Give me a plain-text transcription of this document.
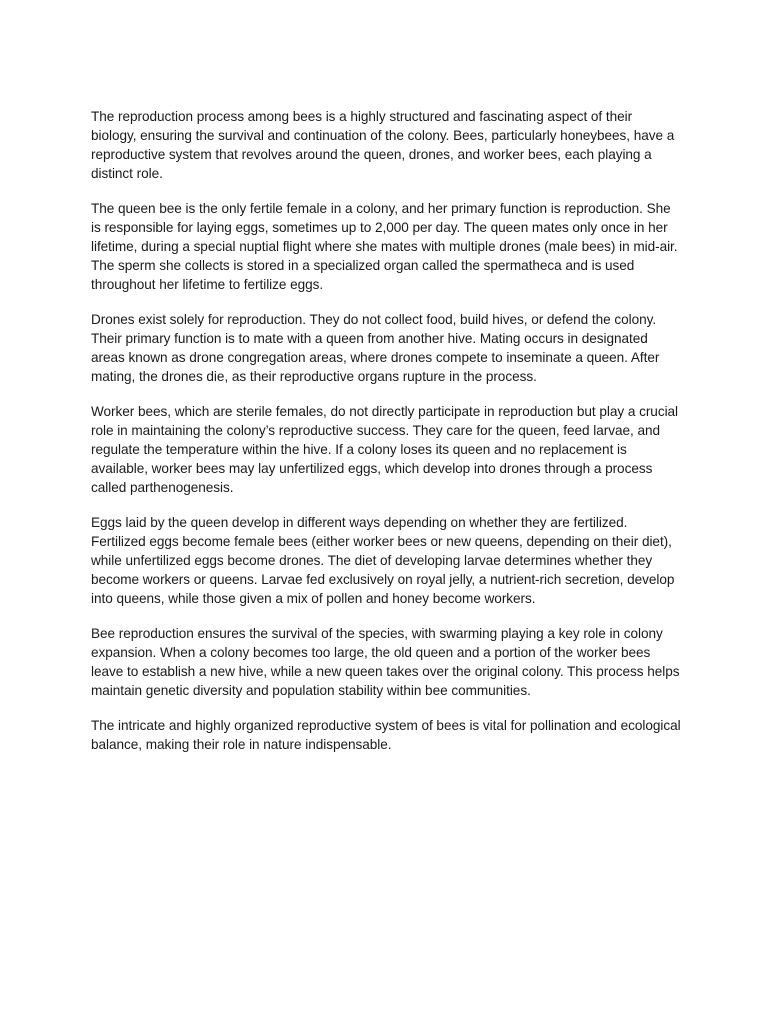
The reproduction process among bees is a highly structured and fascinating aspect of their biology, ensuring the survival and continuation of the colony. Bees, particularly honeybees, have a reproductive system that revolves around the queen, drones, and worker bees, each playing a distinct role.

The queen bee is the only fertile female in a colony, and her primary function is reproduction. She is responsible for laying eggs, sometimes up to 2,000 per day. The queen mates only once in her lifetime, during a special nuptial flight where she mates with multiple drones (male bees) in mid-air. The sperm she collects is stored in a specialized organ called the spermatheca and is used throughout her lifetime to fertilize eggs.

Drones exist solely for reproduction. They do not collect food, build hives, or defend the colony. Their primary function is to mate with a queen from another hive. Mating occurs in designated areas known as drone congregation areas, where drones compete to inseminate a queen. After mating, the drones die, as their reproductive organs rupture in the process.

Worker bees, which are sterile females, do not directly participate in reproduction but play a crucial role in maintaining the colony’s reproductive success. They care for the queen, feed larvae, and regulate the temperature within the hive. If a colony loses its queen and no replacement is available, worker bees may lay unfertilized eggs, which develop into drones through a process called parthenogenesis.

Eggs laid by the queen develop in different ways depending on whether they are fertilized. Fertilized eggs become female bees (either worker bees or new queens, depending on their diet), while unfertilized eggs become drones. The diet of developing larvae determines whether they become workers or queens. Larvae fed exclusively on royal jelly, a nutrient-rich secretion, develop into queens, while those given a mix of pollen and honey become workers.

Bee reproduction ensures the survival of the species, with swarming playing a key role in colony expansion. When a colony becomes too large, the old queen and a portion of the worker bees leave to establish a new hive, while a new queen takes over the original colony. This process helps maintain genetic diversity and population stability within bee communities.

The intricate and highly organized reproductive system of bees is vital for pollination and ecological balance, making their role in nature indispensable.
